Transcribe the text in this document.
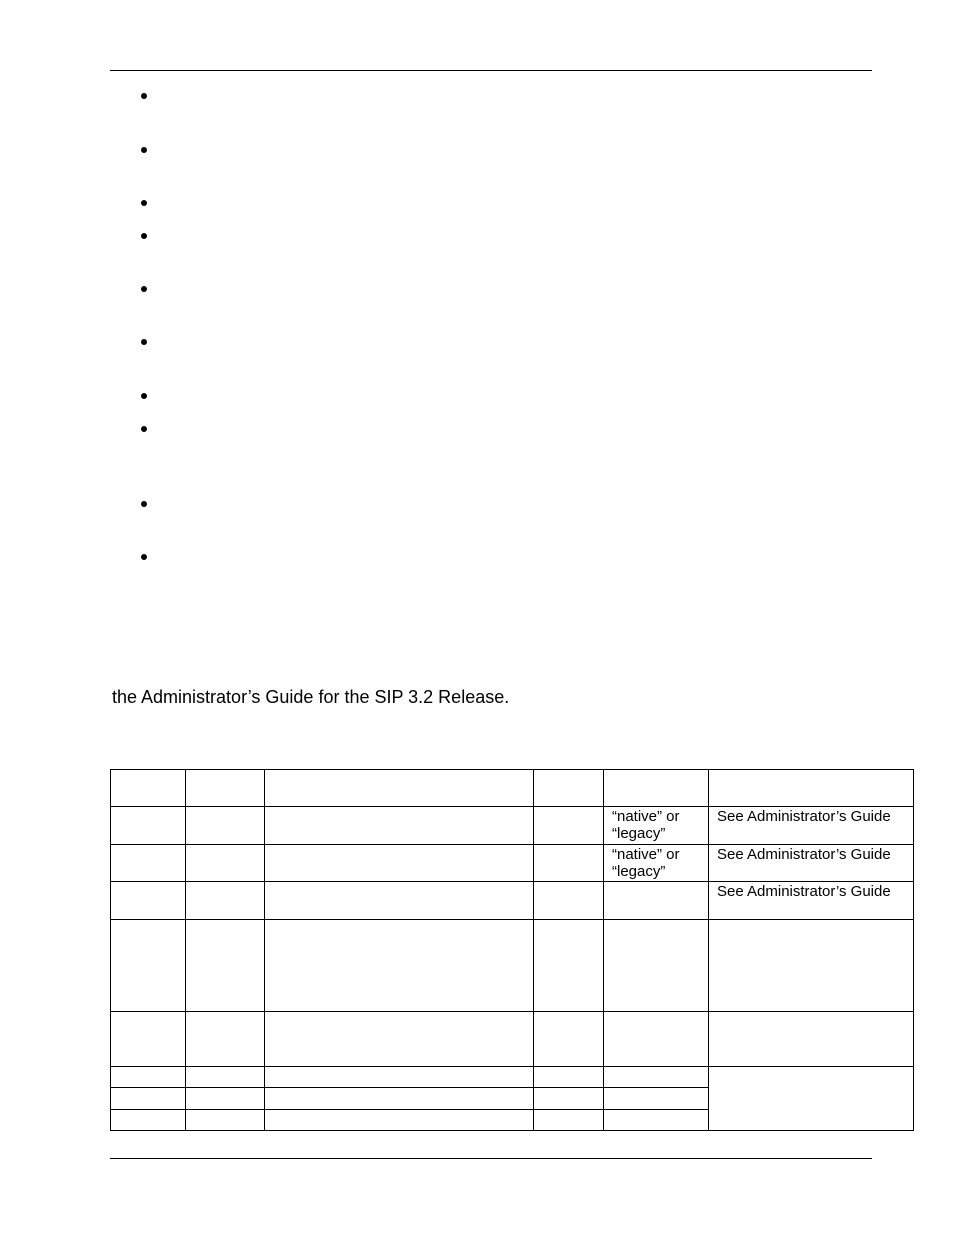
the Administrator’s Guide for the SIP 3.2 Release.

				“native” or “legacy”	See Administrator’s Guide

				“native” or “legacy”	See Administrator’s Guide

					See Administrator’s Guide
